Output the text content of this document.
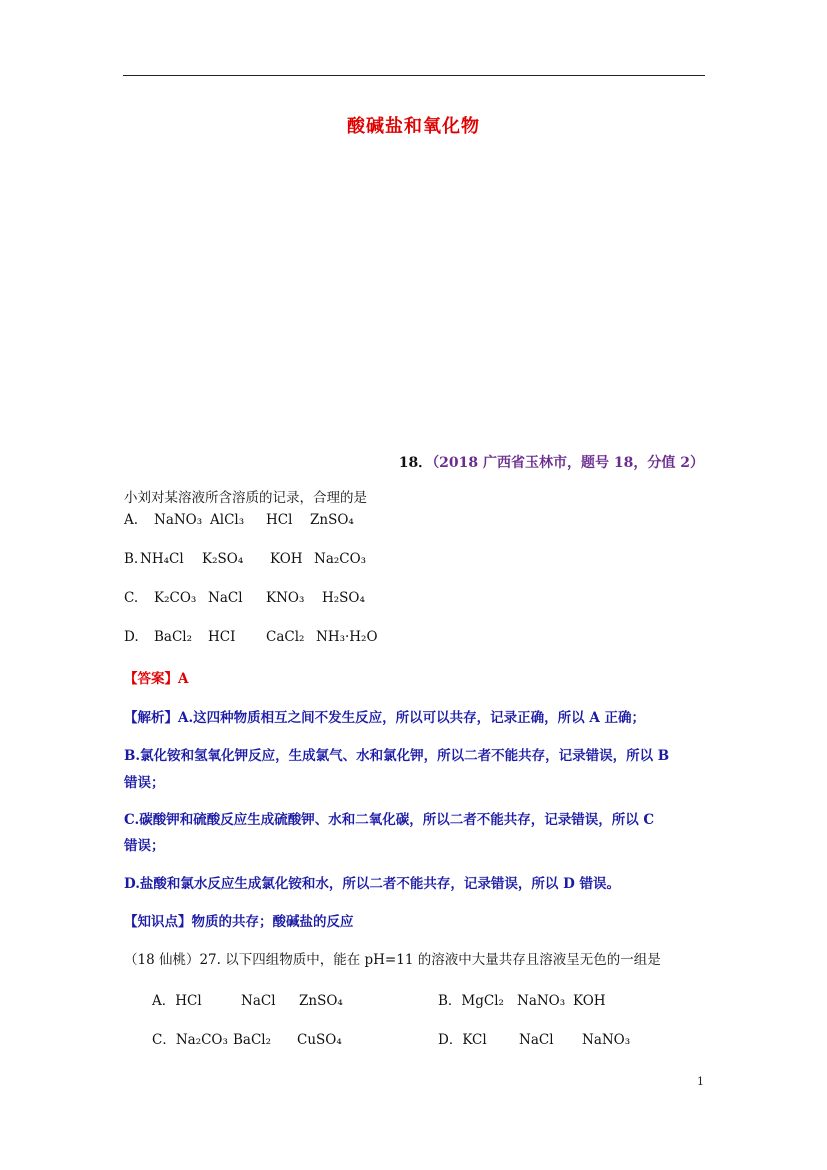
酸碱盐和氧化物
18．（2018 广西省玉林市，题号 18，分值 2）
小刘对某溶液所含溶质的记录，合理的是
A. NaNO₃ AlCl₃ HCl ZnSO₄
B. NH₄Cl K₂SO₄ KOH Na₂CO₃
C. K₂CO₃ NaCl KNO₃ H₂SO₄
D. BaCl₂ HCI CaCl₂ NH₃·H₂O
【答案】A
【解析】A.这四种物质相互之间不发生反应，所以可以共存，记录正确，所以 A 正确；
B.氯化铵和氢氧化钾反应，生成氯气、水和氯化钾，所以二者不能共存，记录错误，所以 B
错误；
C.碳酸钾和硫酸反应生成硫酸钾、水和二氧化碳，所以二者不能共存，记录错误，所以 C
错误；
D.盐酸和氯水反应生成氯化铵和水，所以二者不能共存，记录错误，所以 D 错误。
【知识点】物质的共存；酸碱盐的反应
（18 仙桃）27. 以下四组物质中，能在 pH=11 的溶液中大量共存且溶液呈无色的一组是
A．HCl	NaCl ZnSO₄	B．MgCl₂ NaNO₃ KOH
C．Na₂CO₃ BaCl₂ CuSO₄	D．KCl NaCl NaNO₃
1
